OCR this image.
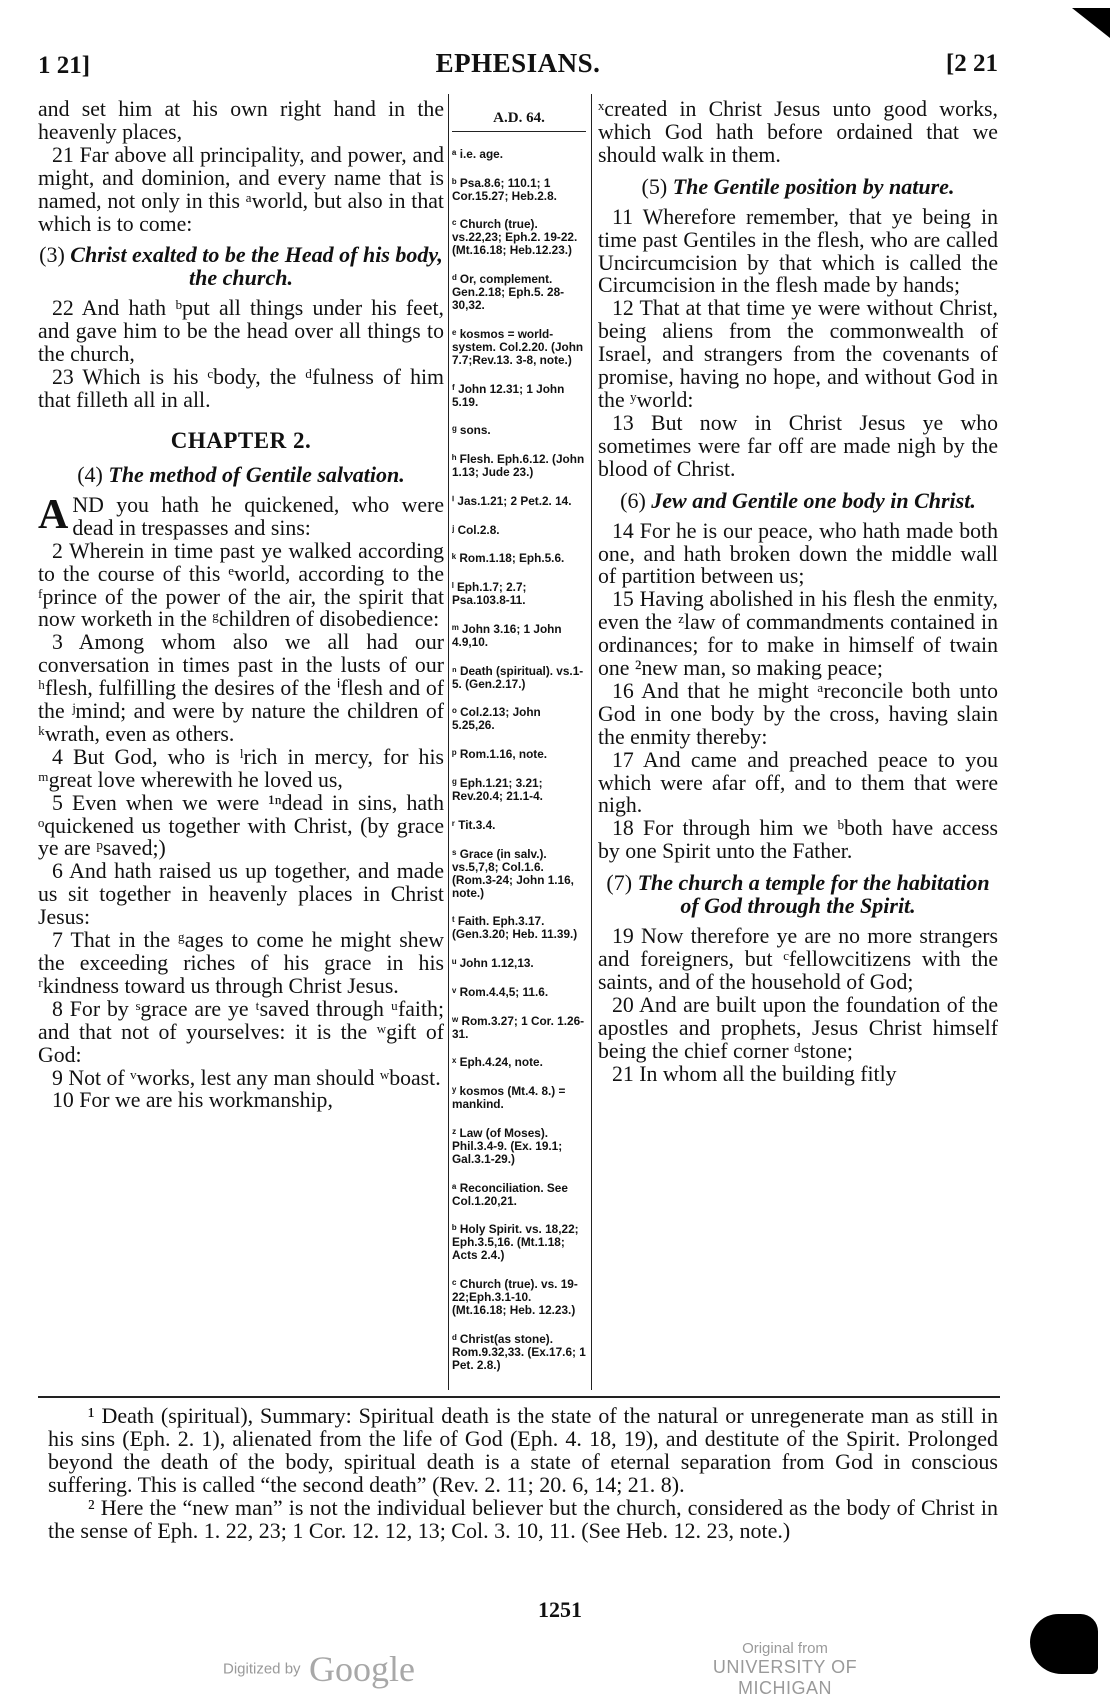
1 21]	EPHESIANS.	[2 21

and set him at his own right hand in the heavenly places,

21 Far above all principality, and power, and might, and dominion, and every name that is named, not only in this ᵃworld, but also in that which is to come:

(3) Christ exalted to be the Head of his body, the church.

22 And hath ᵇput all things under his feet, and gave him to be the head over all things to the church,

23 Which is his ᶜbody, the ᵈfulness of him that filleth all in all.

CHAPTER 2.
(4) The method of Gentile salvation.

AND you hath he quickened, who were dead in trespasses and sins:

2 Wherein in time past ye walked according to the course of this ᵉworld, according to the ᶠprince of the power of the air, the spirit that now worketh in the ᵍchildren of disobedience:

3 Among whom also we all had our conversation in times past in the lusts of our ʰflesh, fulfilling the desires of the ⁱflesh and of the ʲmind; and were by nature the children of ᵏwrath, even as others.

4 But God, who is ˡrich in mercy, for his ᵐgreat love wherewith he loved us,

5 Even when we were ¹ⁿdead in sins, hath ᵒquickened us together with Christ, (by grace ye are ᵖsaved;)

6 And hath raised us up together, and made us sit together in heavenly places in Christ Jesus:

7 That in the ᵍages to come he might shew the exceeding riches of his grace in his ʳkindness toward us through Christ Jesus.

8 For by ˢgrace are ye ᵗsaved through ᵘfaith; and that not of yourselves: it is the ʷgift of God:

9 Not of ᵛworks, lest any man should ʷboast.

10 For we are his workmanship,

A.D. 64.
ᵃ i.e. age.
ᵇ Psa.8.6; 110.1; 1 Cor.15.27; Heb.2.8.
ᶜ Church (true). vs.22,23; Eph.2. 19-22. (Mt.16.18; Heb.12.23.)
ᵈ Or, complement. Gen.2.18; Eph.5. 28-30,32.
ᵉ kosmos = world-system. Col.2.20. (John 7.7;Rev.13. 3-8, note.)
ᶠ John 12.31; 1 John 5.19.
ᵍ sons.
ʰ Flesh. Eph.6.12. (John 1.13; Jude 23.)
ⁱ Jas.1.21; 2 Pet.2. 14.
ʲ Col.2.8.
ᵏ Rom.1.18; Eph.5.6.
ˡ Eph.1.7; 2.7; Psa.103.8-11.
ᵐ John 3.16; 1 John 4.9,10.
ⁿ Death (spiritual). vs.1-5. (Gen.2.17.)
ᵒ Col.2.13; John 5.25,26.
ᵖ Rom.1.16, note.
ᵍ Eph.1.21; 3.21; Rev.20.4; 21.1-4.
ʳ Tit.3.4.
ˢ Grace (in salv.). vs.5,7,8; Col.1.6. (Rom.3-24; John 1.16, note.)
ᵗ Faith. Eph.3.17. (Gen.3.20; Heb. 11.39.)
ᵘ John 1.12,13.
ᵛ Rom.4.4,5; 11.6.
ʷ Rom.3.27; 1 Cor. 1.26-31.
ˣ Eph.4.24, note.
ʸ kosmos (Mt.4. 8.) = mankind.
ᶻ Law (of Moses). Phil.3.4-9. (Ex. 19.1; Gal.3.1-29.)
ᵃ Reconciliation. See Col.1.20,21.
ᵇ Holy Spirit. vs. 18,22; Eph.3.5,16. (Mt.1.18; Acts 2.4.)
ᶜ Church (true). vs. 19-22;Eph.3.1-10. (Mt.16.18; Heb. 12.23.)
ᵈ Christ(as stone). Rom.9.32,33. (Ex.17.6; 1 Pet. 2.8.)

ˣcreated in Christ Jesus unto good works, which God hath before ordained that we should walk in them.

(5) The Gentile position by nature.

11 Wherefore remember, that ye being in time past Gentiles in the flesh, who are called Uncircumcision by that which is called the Circumcision in the flesh made by hands;

12 That at that time ye were without Christ, being aliens from the commonwealth of Israel, and strangers from the covenants of promise, having no hope, and without God in the ʸworld:

13 But now in Christ Jesus ye who sometimes were far off are made nigh by the blood of Christ.

(6) Jew and Gentile one body in Christ.

14 For he is our peace, who hath made both one, and hath broken down the middle wall of partition between us;

15 Having abolished in his flesh the enmity, even the ᶻlaw of commandments contained in ordinances; for to make in himself of twain one ²new man, so making peace;

16 And that he might ᵃreconcile both unto God in one body by the cross, having slain the enmity thereby:

17 And came and preached peace to you which were afar off, and to them that were nigh.

18 For through him we ᵇboth have access by one Spirit unto the Father.

(7) The church a temple for the habitation of God through the Spirit.

19 Now therefore ye are no more strangers and foreigners, but ᶜfellowcitizens with the saints, and of the household of God;

20 And are built upon the foundation of the apostles and prophets, Jesus Christ himself being the chief corner ᵈstone;

21 In whom all the building fitly

¹ Death (spiritual), Summary: Spiritual death is the state of the natural or unregenerate man as still in his sins (Eph. 2. 1), alienated from the life of God (Eph. 4. 18, 19), and destitute of the Spirit. Prolonged beyond the death of the body, spiritual death is a state of eternal separation from God in conscious suffering. This is called “the second death” (Rev. 2. 11; 20. 6, 14; 21. 8).

² Here the “new man” is not the individual believer but the church, considered as the body of Christ in the sense of Eph. 1. 22, 23; 1 Cor. 12. 12, 13; Col. 3. 10, 11. (See Heb. 12. 23, note.)

1251
Digitized by Google
Original from
UNIVERSITY OF MICHIGAN
